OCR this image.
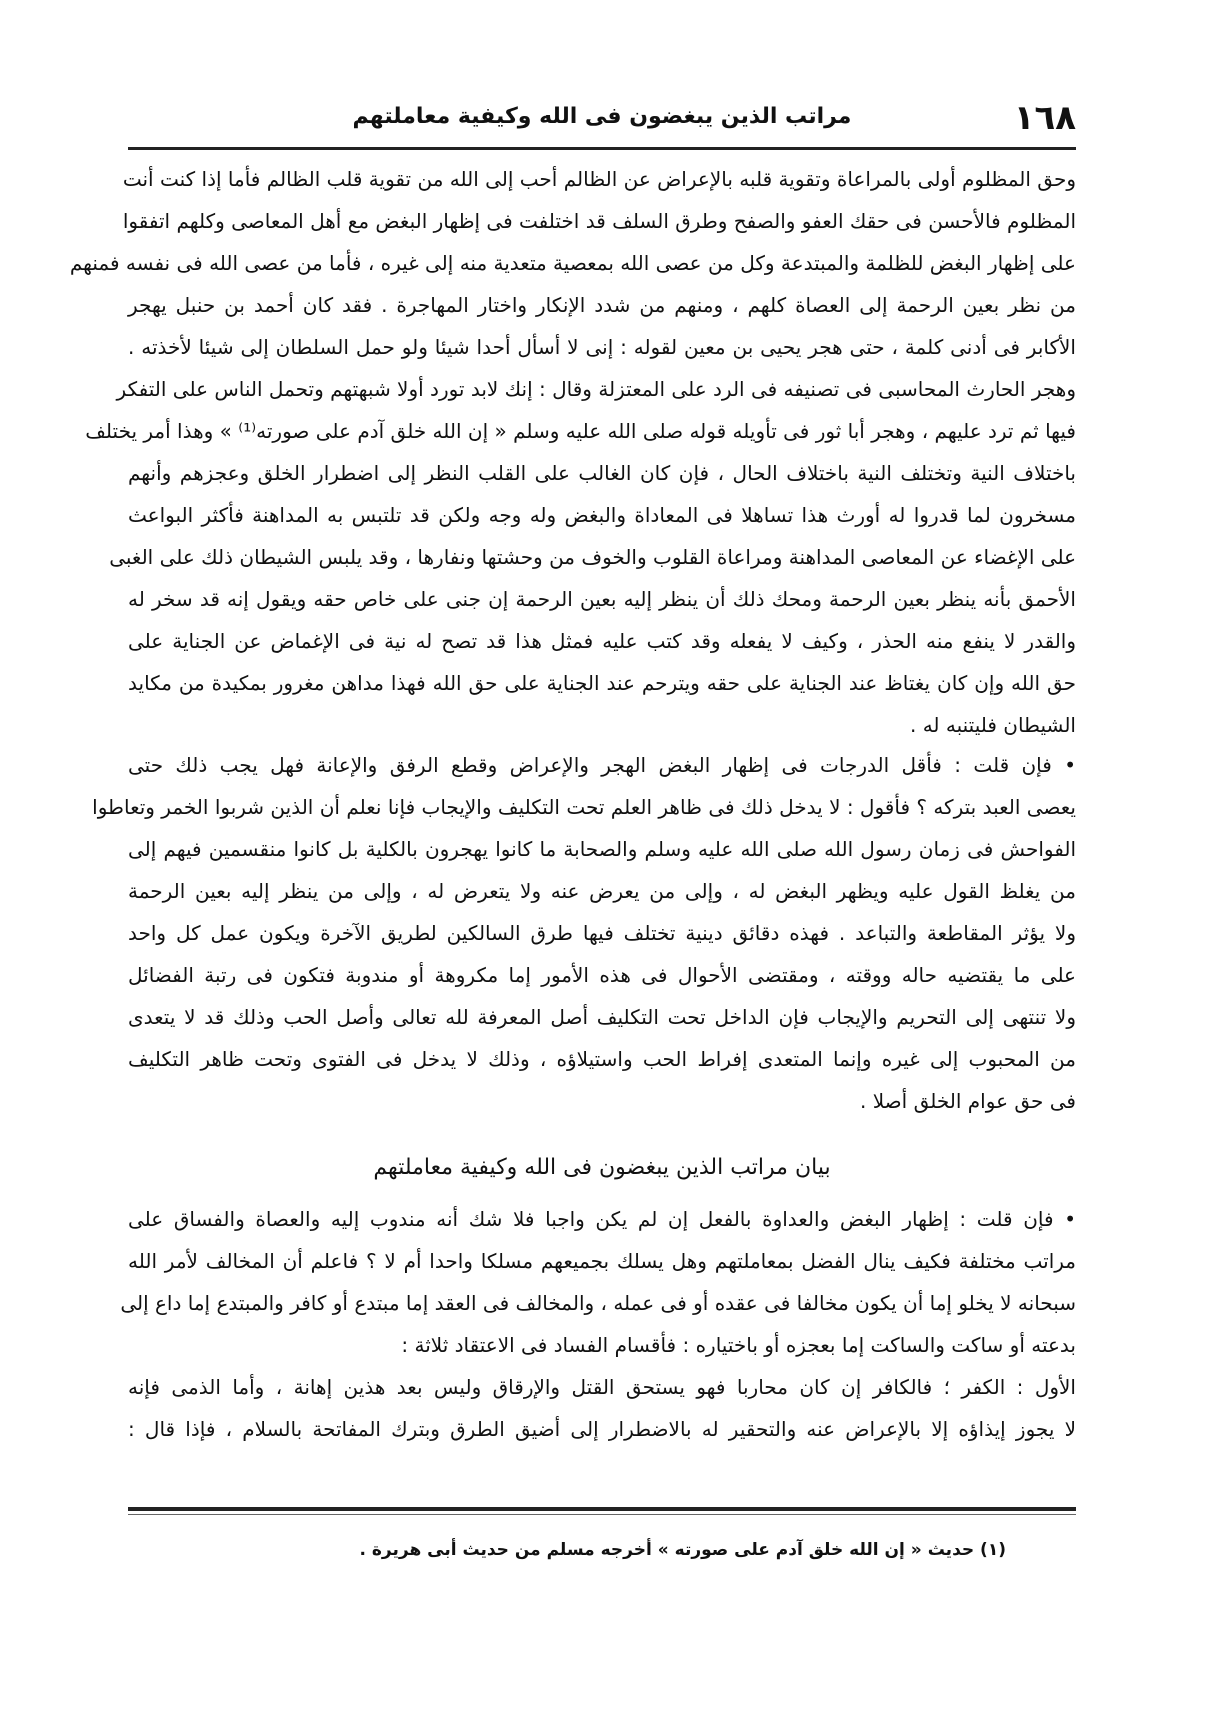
١٦٨
مراتب الذين يبغضون فى الله وكيفية معاملتهم
وحق المظلوم أولى بالمراعاة وتقوية قلبه بالإعراض عن الظالم أحب إلى الله من تقوية قلب الظالم فأما إذا كنت أنت
المظلوم فالأحسن فى حقك العفو والصفح وطرق السلف قد اختلفت فى إظهار البغض مع أهل المعاصى وكلهم اتفقوا
على إظهار البغض للظلمة والمبتدعة وكل من عصى الله بمعصية متعدية منه إلى غيره ، فأما من عصى الله فى نفسه فمنهم
من نظر بعين الرحمة إلى العصاة كلهم ، ومنهم من شدد الإنكار واختار المهاجرة . فقد كان أحمد بن حنبل يهجر
الأكابر فى أدنى كلمة ، حتى هجر يحيى بن معين لقوله : إنى لا أسأل أحدا شيئا ولو حمل السلطان إلى شيئا لأخذته .
وهجر الحارث المحاسبى فى تصنيفه فى الرد على المعتزلة وقال : إنك لابد تورد أولا شبهتهم وتحمل الناس على التفكر
فيها ثم ترد عليهم ، وهجر أبا ثور فى تأويله قوله صلى الله عليه وسلم « إن الله خلق آدم على صورته⁽¹⁾ » وهذا أمر يختلف
باختلاف النية وتختلف النية باختلاف الحال ، فإن كان الغالب على القلب النظر إلى اضطرار الخلق وعجزهم وأنهم
مسخرون لما قدروا له أورث هذا تساهلا فى المعاداة والبغض وله وجه ولكن قد تلتبس به المداهنة فأكثر البواعث
على الإغضاء عن المعاصى المداهنة ومراعاة القلوب والخوف من وحشتها ونفارها ، وقد يلبس الشيطان ذلك على الغبى
الأحمق بأنه ينظر بعين الرحمة ومحك ذلك أن ينظر إليه بعين الرحمة إن جنى على خاص حقه ويقول إنه قد سخر له
والقدر لا ينفع منه الحذر ، وكيف لا يفعله وقد كتب عليه فمثل هذا قد تصح له نية فى الإغماض عن الجناية على
حق الله وإن كان يغتاظ عند الجناية على حقه ويترحم عند الجناية على حق الله فهذا مداهن مغرور بمكيدة من مكايد
الشيطان فليتنبه له .
• فإن قلت : فأقل الدرجات فى إظهار البغض الهجر والإعراض وقطع الرفق والإعانة فهل يجب ذلك حتى
يعصى العبد بتركه ؟ فأقول : لا يدخل ذلك فى ظاهر العلم تحت التكليف والإيجاب فإنا نعلم أن الذين شربوا الخمر وتعاطوا
الفواحش فى زمان رسول الله صلى الله عليه وسلم والصحابة ما كانوا يهجرون بالكلية بل كانوا منقسمين فيهم إلى
من يغلظ القول عليه ويظهر البغض له ، وإلى من يعرض عنه ولا يتعرض له ، وإلى من ينظر إليه بعين الرحمة
ولا يؤثر المقاطعة والتباعد . فهذه دقائق دينية تختلف فيها طرق السالكين لطريق الآخرة ويكون عمل كل واحد
على ما يقتضيه حاله ووقته ، ومقتضى الأحوال فى هذه الأمور إما مكروهة أو مندوبة فتكون فى رتبة الفضائل
ولا تنتهى إلى التحريم والإيجاب فإن الداخل تحت التكليف أصل المعرفة لله تعالى وأصل الحب وذلك قد لا يتعدى
من المحبوب إلى غيره وإنما المتعدى إفراط الحب واستيلاؤه ، وذلك لا يدخل فى الفتوى وتحت ظاهر التكليف
فى حق عوام الخلق أصلا .
بيان مراتب الذين يبغضون فى الله وكيفية معاملتهم
• فإن قلت : إظهار البغض والعداوة بالفعل إن لم يكن واجبا فلا شك أنه مندوب إليه والعصاة والفساق على
مراتب مختلفة فكيف ينال الفضل بمعاملتهم وهل يسلك بجميعهم مسلكا واحدا أم لا ؟ فاعلم أن المخالف لأمر الله
سبحانه لا يخلو إما أن يكون مخالفا فى عقده أو فى عمله ، والمخالف فى العقد إما مبتدع أو كافر والمبتدع إما داع إلى
بدعته أو ساكت والساكت إما بعجزه أو باختياره : فأقسام الفساد فى الاعتقاد ثلاثة :
الأول : الكفر ؛ فالكافر إن كان محاربا فهو يستحق القتل والإرقاق وليس بعد هذين إهانة ، وأما الذمى فإنه
لا يجوز إيذاؤه إلا بالإعراض عنه والتحقير له بالاضطرار إلى أضيق الطرق وبترك المفاتحة بالسلام ، فإذا قال :
(١) حديث « إن الله خلق آدم على صورته » أخرجه مسلم من حديث أبى هريرة .
